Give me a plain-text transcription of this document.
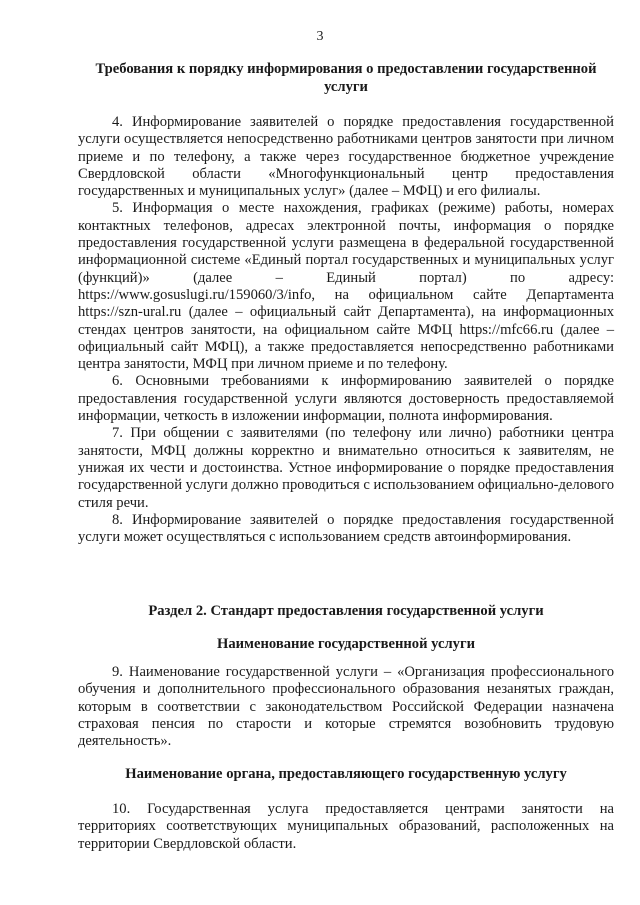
3
Требования к порядку информирования о предоставлении государственной услуги

4. Информирование заявителей о порядке предоставления государственной услуги осуществляется непосредственно работниками центров занятости при личном приеме и по телефону, а также через государственное бюджетное учреждение Свердловской области «Многофункциональный центр предоставления государственных и муниципальных услуг» (далее – МФЦ) и его филиалы.

5. Информация о месте нахождения, графиках (режиме) работы, номерах контактных телефонов, адресах электронной почты, информация о порядке предоставления государственной услуги размещена в федеральной государственной информационной системе «Единый портал государственных и муниципальных услуг (функций)» (далее – Единый портал) по адресу: https://www.gosuslugi.ru/159060/3/info, на официальном сайте Департамента https://szn-ural.ru (далее – официальный сайт Департамента), на информационных стендах центров занятости, на официальном сайте МФЦ https://mfc66.ru (далее – официальный сайт МФЦ), а также предоставляется непосредственно работниками центра занятости, МФЦ при личном приеме и по телефону.

6. Основными требованиями к информированию заявителей о порядке предоставления государственной услуги являются достоверность предоставляемой информации, четкость в изложении информации, полнота информирования.

7. При общении с заявителями (по телефону или лично) работники центра занятости, МФЦ должны корректно и внимательно относиться к заявителям, не унижая их чести и достоинства. Устное информирование о порядке предоставления государственной услуги должно проводиться с использованием официально-делового стиля речи.

8. Информирование заявителей о порядке предоставления государственной услуги может осуществляться с использованием средств автоинформирования.

Раздел 2. Стандарт предоставления государственной услуги
Наименование государственной услуги

9. Наименование государственной услуги – «Организация профессионального обучения и дополнительного профессионального образования незанятых граждан, которым в соответствии с законодательством Российской Федерации назначена страховая пенсия по старости и которые стремятся возобновить трудовую деятельность».

Наименование органа, предоставляющего государственную услугу

10. Государственная услуга предоставляется центрами занятости на территориях соответствующих муниципальных образований, расположенных на территории Свердловской области.
